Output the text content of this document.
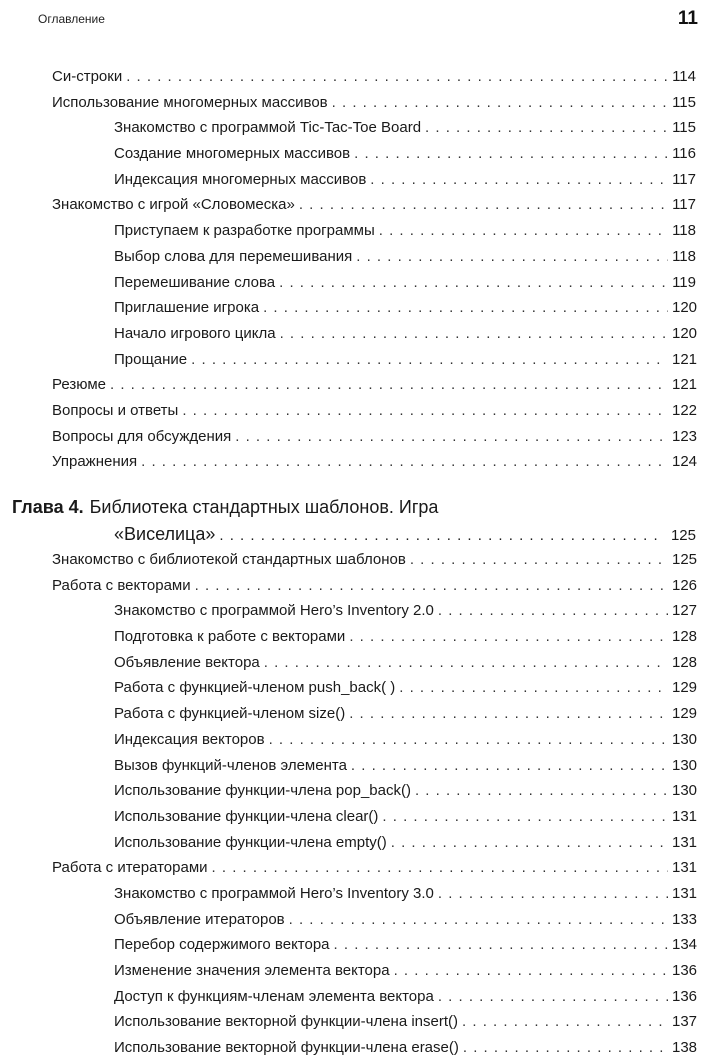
Оглавление	11
Си-строки . . .	114
Использование многомерных массивов . . .	115
Знакомство с программой Tic-Tac-Toe Board . . .	115
Создание многомерных массивов . . .	116
Индексация многомерных массивов . . .	117
Знакомство с игрой «Словомеска» . . .	117
Приступаем к разработке программы . . .	118
Выбор слова для перемешивания . . .	118
Перемешивание слова . . .	119
Приглашение игрока . . .	120
Начало игрового цикла . . .	120
Прощание . . .	121
Резюме . . .	121
Вопросы и ответы . . .	122
Вопросы для обсуждения . . .	123
Упражнения . . .	124
Глава 4. Библиотека стандартных шаблонов. Игра
«Виселица» . . .	125
Знакомство с библиотекой стандартных шаблонов . . .	125
Работа с векторами . . .	126
Знакомство с программой Hero’s Inventory 2.0 . . .	127
Подготовка к работе с векторами . . .	128
Объявление вектора . . .	128
Работа с функцией-членом push_back( ) . . .	129
Работа с функцией-членом size() . . .	129
Индексация векторов . . .	130
Вызов функций-членов элемента . . .	130
Использование функции-члена pop_back() . . .	130
Использование функции-члена clear() . . .	131
Использование функции-члена empty() . . .	131
Работа с итераторами . . .	131
Знакомство с программой Hero’s Inventory 3.0 . . .	131
Объявление итераторов . . .	133
Перебор содержимого вектора . . .	134
Изменение значения элемента вектора . . .	136
Доступ к функциям-членам элемента вектора . . .	136
Использование векторной функции-члена insert() . . .	137
Использование векторной функции-члена erase() . . .	138
